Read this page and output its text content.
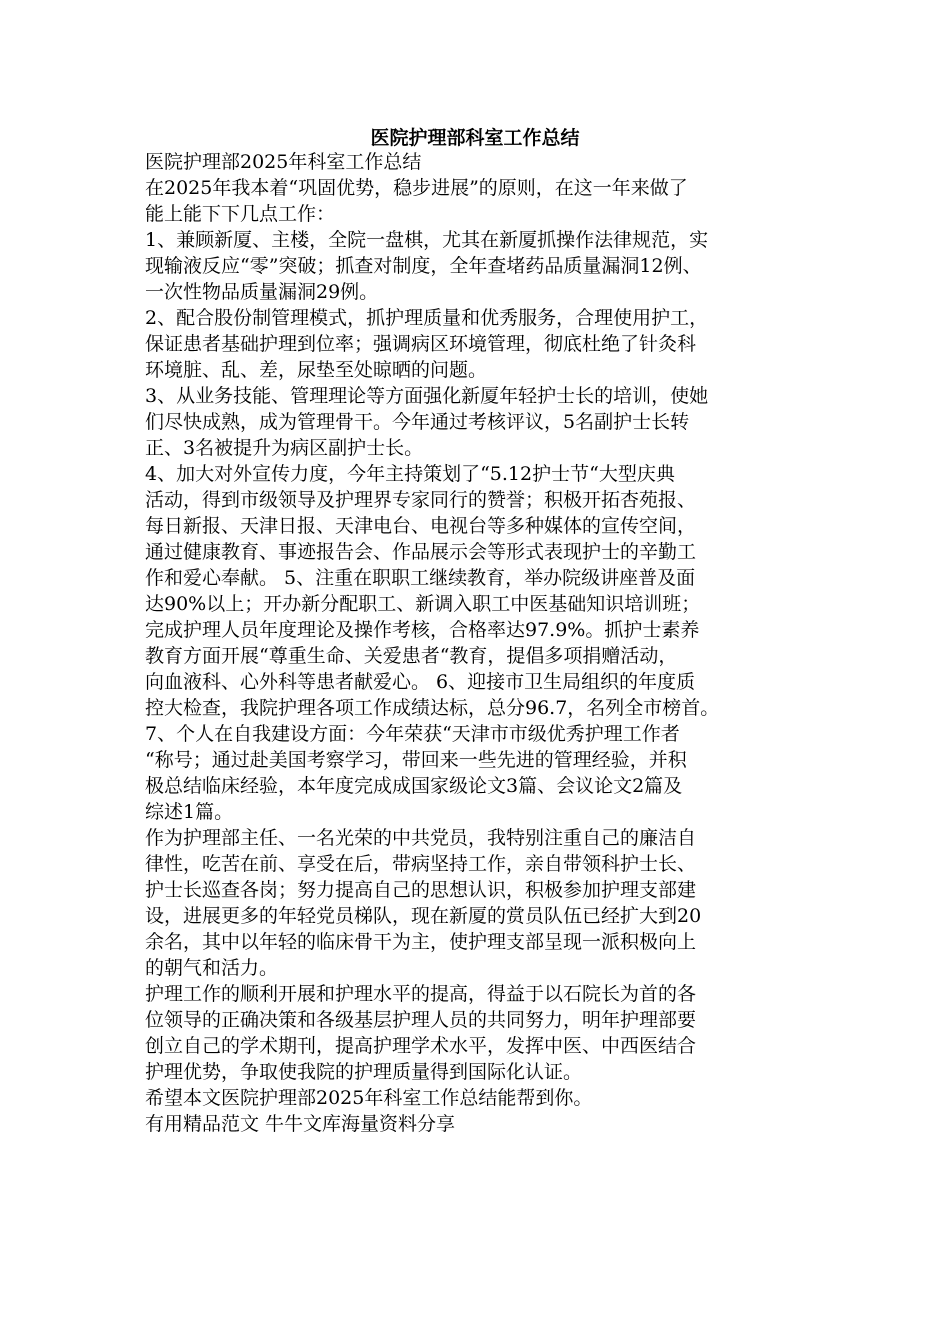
医院护理部科室工作总结
医院护理部2025年科室工作总结
在2025年我本着“巩固优势，稳步进展”的原则，在这一年来做了
能上能下下几点工作：
1、兼顾新厦、主楼，全院一盘棋，尤其在新厦抓操作法律规范，实
现输液反应“零”突破；抓查对制度，全年查堵药品质量漏洞12例、
一次性物品质量漏洞29例。
2、配合股份制管理模式，抓护理质量和优秀服务，合理使用护工，
保证患者基础护理到位率；强调病区环境管理，彻底杜绝了针灸科
环境脏、乱、差，尿垫至处晾晒的问题。
3、从业务技能、管理理论等方面强化新厦年轻护士长的培训，使她
们尽快成熟，成为管理骨干。今年通过考核评议，5名副护士长转
正、3名被提升为病区副护士长。
4、加大对外宣传力度，今年主持策划了“5.12护士节“大型庆典
活动，得到市级领导及护理界专家同行的赞誉；积极开拓杏苑报、
每日新报、天津日报、天津电台、电视台等多种媒体的宣传空间，
通过健康教育、事迹报告会、作品展示会等形式表现护士的辛勤工
作和爱心奉献。 5、注重在职职工继续教育，举办院级讲座普及面
达90%以上；开办新分配职工、新调入职工中医基础知识培训班；
完成护理人员年度理论及操作考核，合格率达97.9%。抓护士素养
教育方面开展“尊重生命、关爱患者“教育，提倡多项捐赠活动，
向血液科、心外科等患者献爱心。 6、迎接市卫生局组织的年度质
控大检查，我院护理各项工作成绩达标，总分96.7，名列全市榜首。
7、个人在自我建设方面：今年荣获“天津市市级优秀护理工作者
“称号；通过赴美国考察学习，带回来一些先进的管理经验，并积
极总结临床经验，本年度完成成国家级论文3篇、会议论文2篇及
综述1篇。
作为护理部主任、一名光荣的中共党员，我特别注重自己的廉洁自
律性，吃苦在前、享受在后，带病坚持工作，亲自带领科护士长、
护士长巡查各岗；努力提高自己的思想认识，积极参加护理支部建
设，进展更多的年轻党员梯队，现在新厦的赏员队伍已经扩大到20
余名，其中以年轻的临床骨干为主，使护理支部呈现一派积极向上
的朝气和活力。
护理工作的顺利开展和护理水平的提高，得益于以石院长为首的各
位领导的正确决策和各级基层护理人员的共同努力，明年护理部要
创立自己的学术期刊，提高护理学术水平，发挥中医、中西医结合
护理优势，争取使我院的护理质量得到国际化认证。
希望本文医院护理部2025年科室工作总结能帮到你。
有用精品范文 牛牛文库海量资料分享
